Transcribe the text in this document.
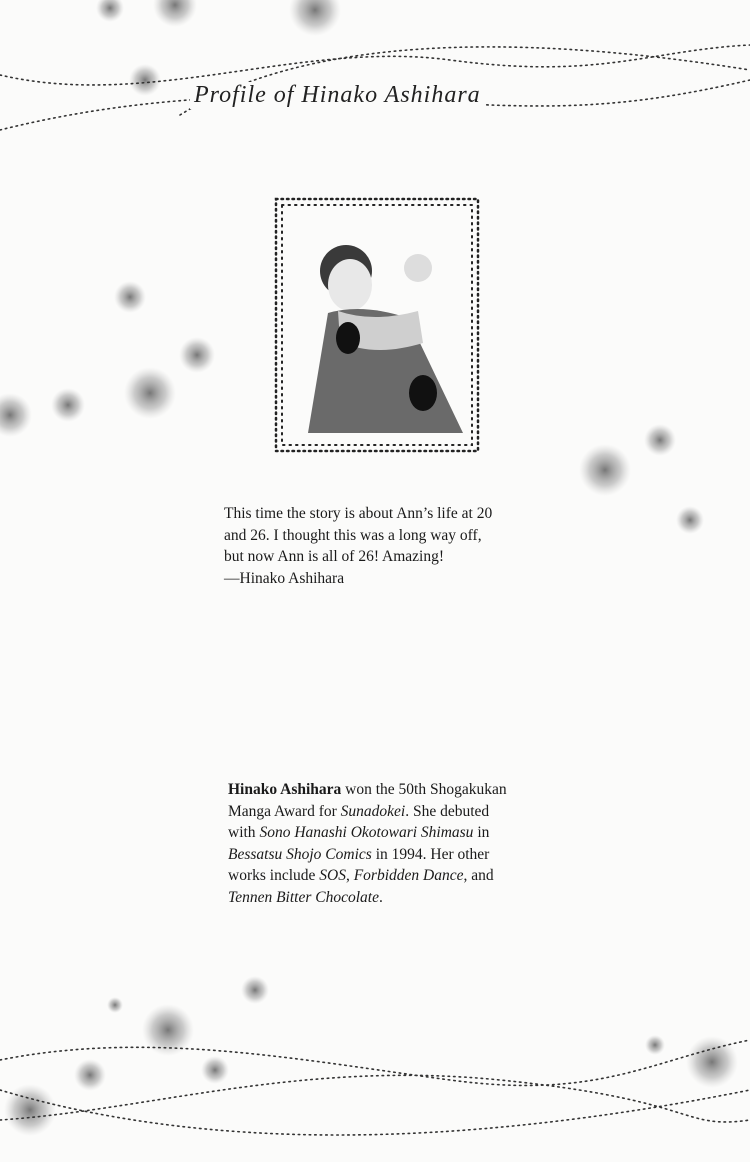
Profile of Hinako Ashihara
This time the story is about Ann’s life at 20
and 26. I thought this was a long way off,
but now Ann is all of 26! Amazing!
—Hinako Ashihara
Hinako Ashihara won the 50th Shogakukan
Manga Award for Sunadokei. She debuted
with Sono Hanashi Okotowari Shimasu in
Bessatsu Shojo Comics in 1994. Her other
works include SOS, Forbidden Dance, and
Tennen Bitter Chocolate.
